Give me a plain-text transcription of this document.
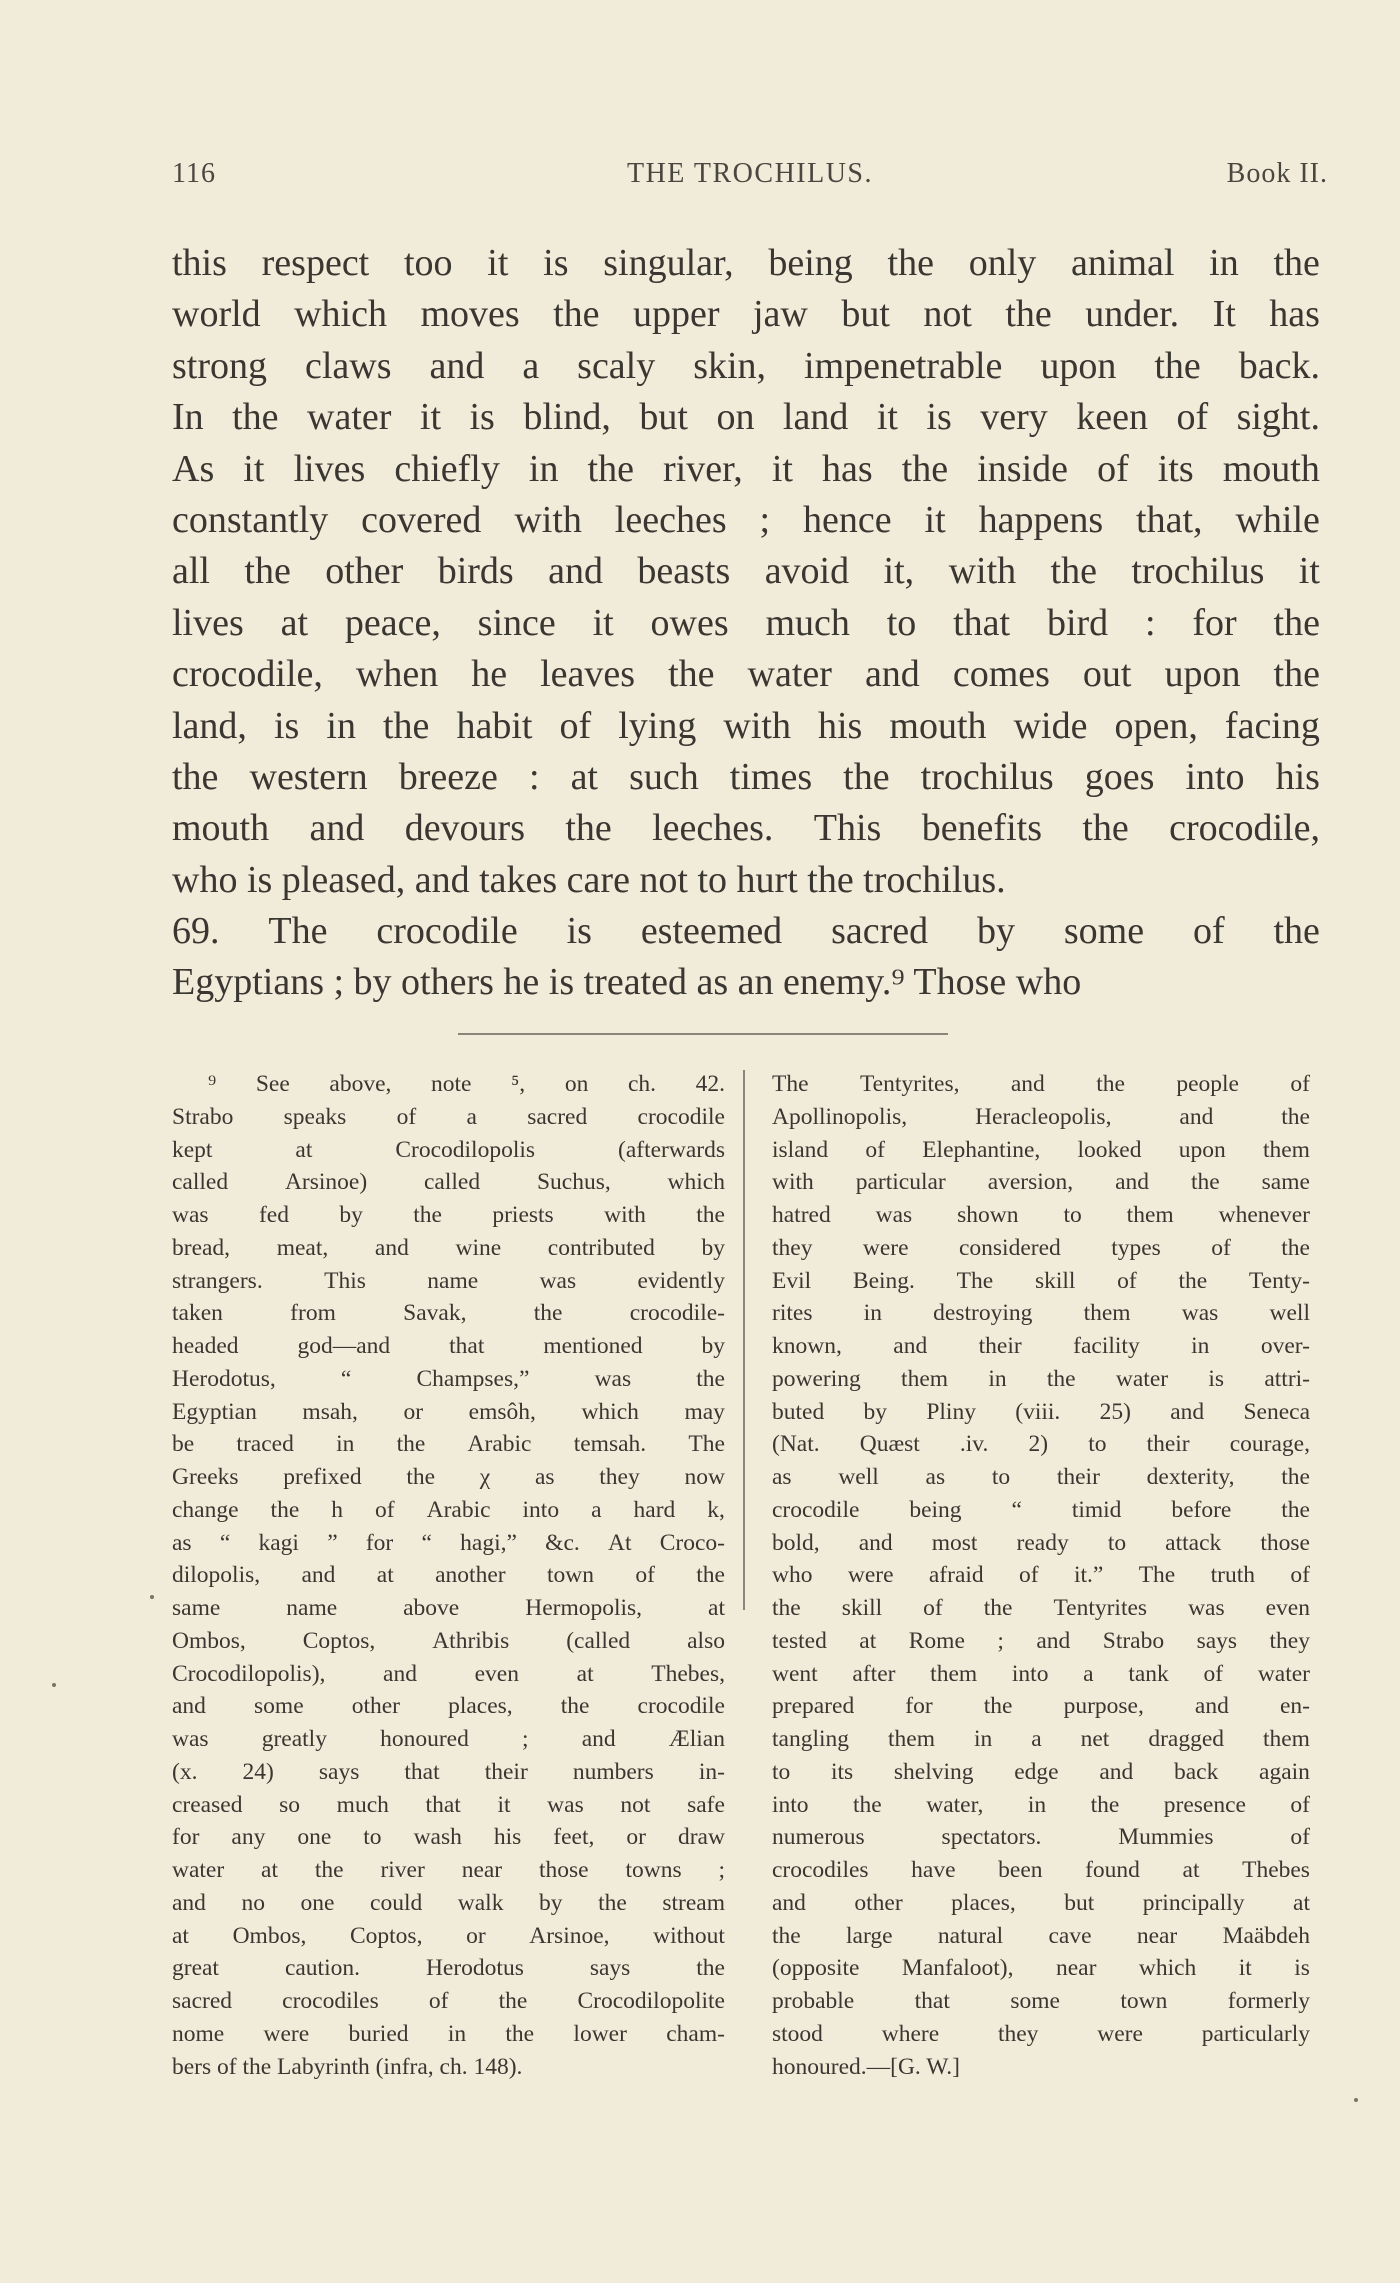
116	THE TROCHILUS.	Book II.
this respect too it is singular, being the only animal in the
world which moves the upper jaw but not the under. It has
strong claws and a scaly skin, impenetrable upon the back.
In the water it is blind, but on land it is very keen of sight.
As it lives chiefly in the river, it has the inside of its mouth
constantly covered with leeches ; hence it happens that, while
all the other birds and beasts avoid it, with the trochilus it
lives at peace, since it owes much to that bird : for the
crocodile, when he leaves the water and comes out upon the
land, is in the habit of lying with his mouth wide open, facing
the western breeze : at such times the trochilus goes into his
mouth and devours the leeches. This benefits the crocodile,
who is pleased, and takes care not to hurt the trochilus.
69. The crocodile is esteemed sacred by some of the
Egyptians ; by others he is treated as an enemy.⁹ Those who
⁹ See above, note ⁵, on ch. 42.
Strabo speaks of a sacred crocodile
kept	at	Crocodilopolis	(afterwards
called Arsinoe) called Suchus, which
was fed by the priests with the
bread, meat, and wine contributed by
strangers.	This	name	was	evidently
taken	from	Savak,	the	crocodile-
headed	god—and	that	mentioned	by
Herodotus,	“	Champses,”	was	the
Egyptian msah, or emsôh, which may
be traced in the Arabic temsah. The
Greeks prefixed the χ as they now
change the h of Arabic into a hard k,
as “ kagi ” for “ hagi,” &c. At Croco-
dilopolis, and at another town of the
same	name	above	Hermopolis,	at
Ombos, Coptos, Athribis (called also
Crocodilopolis), and even at Thebes,
and some other places, the crocodile
was greatly honoured ; and Ælian
(x. 24) says that their numbers in-
creased so much that it was not safe
for any one to wash his feet, or draw
water at the river near those towns ;
and no one could walk by the stream
at Ombos, Coptos, or Arsinoe, without
great	caution.	Herodotus	says	the
sacred crocodiles of the Crocodilopolite
nome were buried in the lower cham-
bers of the Labyrinth (infra, ch. 148).
The Tentyrites, and the people of
Apollinopolis,	Heracleopolis,	and	the
island of Elephantine, looked upon them
with particular aversion, and the same
hatred was shown to them whenever
they were considered types of the
Evil Being. The skill of the Tenty-
rites in destroying them was well
known, and their facility in over-
powering them in the water is attri-
buted by Pliny (viii. 25) and Seneca
(Nat. Quæst .iv. 2) to their courage,
as well as to their dexterity, the
crocodile being “ timid before the
bold, and most ready to attack those
who were afraid of it.” The truth of
the skill of the Tentyrites was even
tested at Rome ; and Strabo says they
went after them into a tank of water
prepared for the purpose, and en-
tangling them in a net dragged them
to its shelving edge and back again
into the water, in the presence of
numerous	spectators.	Mummies	of
crocodiles have been found at Thebes
and other places, but principally at
the large natural cave near Maäbdeh
(opposite Manfaloot), near which it is
probable	that	some	town	formerly
stood	where	they	were	particularly
honoured.—[G. W.]
